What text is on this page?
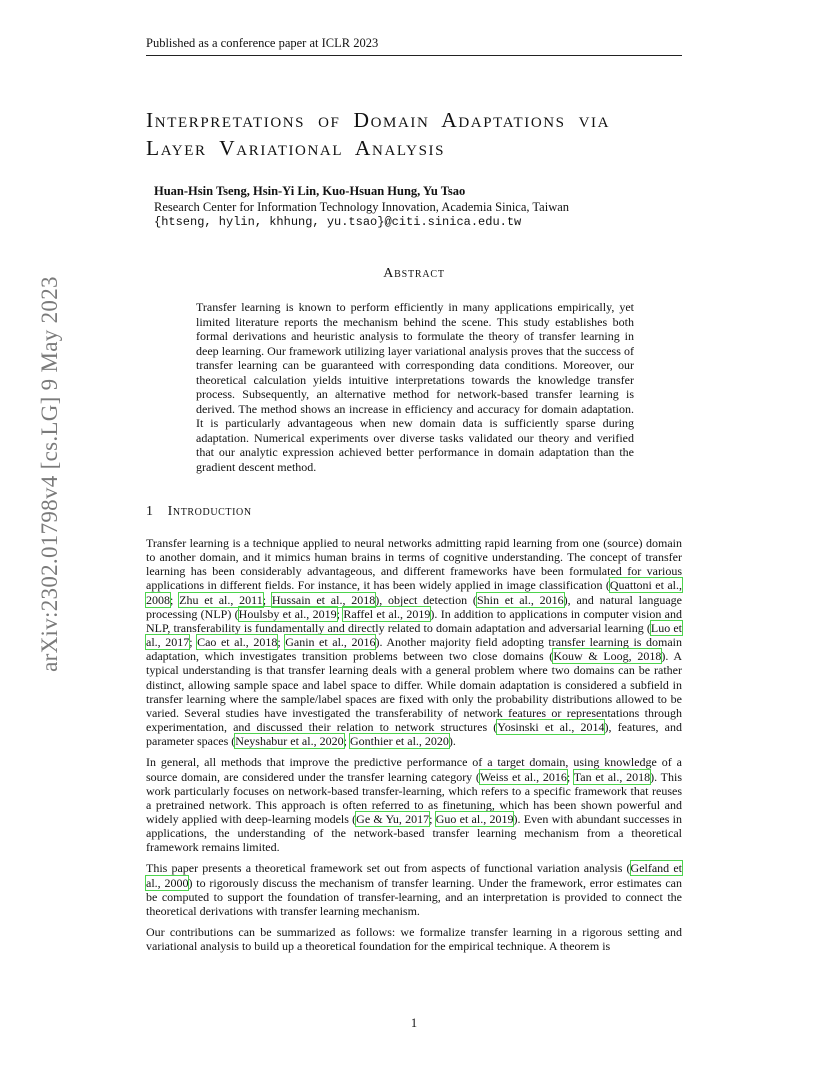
Published as a conference paper at ICLR 2023
arXiv:2302.01798v4 [cs.LG] 9 May 2023
Interpretations of Domain Adaptations via
Layer Variational Analysis
Huan-Hsin Tseng, Hsin-Yi Lin, Kuo-Hsuan Hung, Yu Tsao
Research Center for Information Technology Innovation, Academia Sinica, Taiwan
{htseng, hylin, khhung, yu.tsao}@citi.sinica.edu.tw
Abstract
Transfer learning is known to perform efficiently in many applications empirically, yet limited literature reports the mechanism behind the scene. This study establishes both formal derivations and heuristic analysis to formulate the theory of transfer learning in deep learning. Our framework utilizing layer variational analysis proves that the success of transfer learning can be guaranteed with corresponding data conditions. Moreover, our theoretical calculation yields intuitive interpretations towards the knowledge transfer process. Subsequently, an alternative method for network-based transfer learning is derived. The method shows an increase in efficiency and accuracy for domain adaptation. It is particularly advantageous when new domain data is sufficiently sparse during adaptation. Numerical experiments over diverse tasks validated our theory and verified that our analytic expression achieved better performance in domain adaptation than the gradient descent method.
1 Introduction

Transfer learning is a technique applied to neural networks admitting rapid learning from one (source) domain to another domain, and it mimics human brains in terms of cognitive understanding. The concept of transfer learning has been considerably advantageous, and different frameworks have been formulated for various applications in different fields. For instance, it has been widely applied in image classification (Quattoni et al., 2008; Zhu et al., 2011; Hussain et al., 2018), object detection (Shin et al., 2016), and natural language processing (NLP) (Houlsby et al., 2019; Raffel et al., 2019). In addition to applications in computer vision and NLP, transferability is fundamentally and directly related to domain adaptation and adversarial learning (Luo et al., 2017; Cao et al., 2018; Ganin et al., 2016). Another majority field adopting transfer learning is domain adaptation, which investigates transition problems between two close domains (Kouw & Loog, 2018). A typical understanding is that transfer learning deals with a general problem where two domains can be rather distinct, allowing sample space and label space to differ. While domain adaptation is considered a subfield in transfer learning where the sample/label spaces are fixed with only the probability distributions allowed to be varied. Several studies have investigated the transferability of network features or representations through experimentation, and discussed their relation to network structures (Yosinski et al., 2014), features, and parameter spaces (Neyshabur et al., 2020; Gonthier et al., 2020).

In general, all methods that improve the predictive performance of a target domain, using knowledge of a source domain, are considered under the transfer learning category (Weiss et al., 2016; Tan et al., 2018). This work particularly focuses on network-based transfer-learning, which refers to a specific framework that reuses a pretrained network. This approach is often referred to as finetuning, which has been shown powerful and widely applied with deep-learning models (Ge & Yu, 2017; Guo et al., 2019). Even with abundant successes in applications, the understanding of the network-based transfer learning mechanism from a theoretical framework remains limited.

This paper presents a theoretical framework set out from aspects of functional variation analysis (Gelfand et al., 2000) to rigorously discuss the mechanism of transfer learning. Under the framework, error estimates can be computed to support the foundation of transfer-learning, and an interpretation is provided to connect the theoretical derivations with transfer learning mechanism.

Our contributions can be summarized as follows: we formalize transfer learning in a rigorous setting and variational analysis to build up a theoretical foundation for the empirical technique. A theorem is

1
